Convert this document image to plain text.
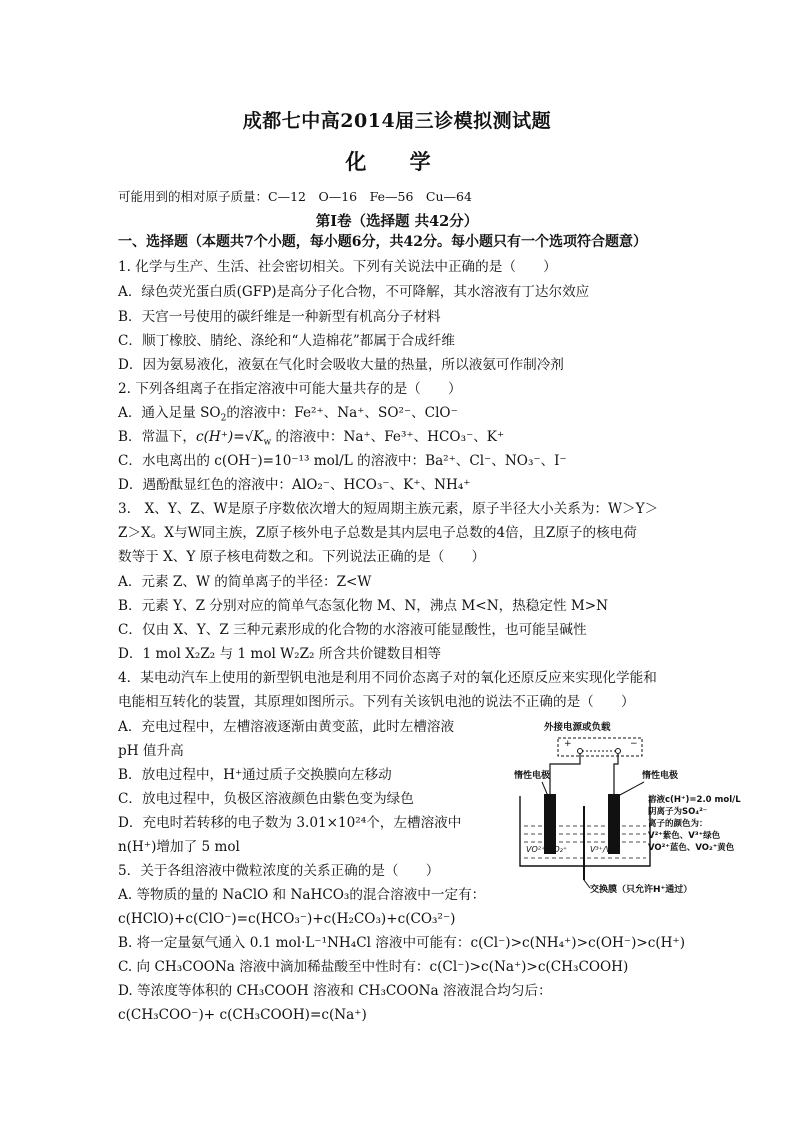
成都七中高2014届三诊模拟测试题
化 学
可能用到的相对原子质量：C—12　O—16　Fe—56　Cu—64
第Ⅰ卷（选择题 共42分）
一、选择题（本题共7个小题，每小题6分，共42分。每小题只有一个选项符合题意）
1. 化学与生产、生活、社会密切相关。下列有关说法中正确的是（　　）
A．绿色荧光蛋白质(GFP)是高分子化合物，不可降解，其水溶液有丁达尔效应
B．天宫一号使用的碳纤维是一种新型有机高分子材料
C．顺丁橡胶、腈纶、涤纶和“人造棉花”都属于合成纤维
D．因为氨易液化，液氨在气化时会吸收大量的热量，所以液氨可作制冷剂
2. 下列各组离子在指定溶液中可能大量共存的是（　　）
A．通入足量 $SO_2$的溶液中：Fe²⁺、Na⁺、SO²⁻、ClO⁻
B．常温下，$c(H^+)=√K_w$ 的溶液中：Na⁺、Fe³⁺、HCO₃⁻、K⁺
C．水电离出的 c(OH⁻)=10⁻¹³ mol/L 的溶液中：Ba²⁺、Cl⁻、NO₃⁻、I⁻
D．遇酚酞显红色的溶液中：AlO₂⁻、HCO₃⁻、K⁺、NH₄⁺
3.　X、Y、Z、W是原子序数依次增大的短周期主族元素，原子半径大小关系为：W＞Y＞
Z＞X。X与W同主族，Z原子核外电子总数是其内层电子总数的4倍，且Z原子的核电荷
数等于 X、Y 原子核电荷数之和。下列说法正确的是（　　）
A．元素 Z、W 的简单离子的半径：Z<W
B．元素 Y、Z 分别对应的简单气态氢化物 M、N，沸点 M<N，热稳定性 M>N
C．仅由 X、Y、Z 三种元素形成的化合物的水溶液可能显酸性，也可能呈碱性
D．1 mol X₂Z₂ 与 1 mol W₂Z₂ 所含共价键数目相等
4．某电动汽车上使用的新型钒电池是利用不同价态离子对的氧化还原反应来实现化学能和
电能相互转化的装置，其原理如图所示。下列有关该钒电池的说法不正确的是（　　）
A．充电过程中，左槽溶液逐渐由黄变蓝，此时左槽溶液
pH 值升高
B．放电过程中，H⁺通过质子交换膜向左移动
C．放电过程中，负极区溶液颜色由紫色变为绿色
D．充电时若转移的电子数为 3.01×10²⁴个，左槽溶液中
n(H⁺)增加了 5 mol
5．关于各组溶液中微粒浓度的关系正确的是（　　）
A. 等物质的量的 NaClO 和 NaHCO₃的混合溶液中一定有：
c(HClO)+c(ClO⁻)=c(HCO₃⁻)+c(H₂CO₃)+c(CO₃²⁻)
B. 将一定量氨气通入 0.1 mol·L⁻¹NH₄Cl 溶液中可能有：c(Cl⁻)>c(NH₄⁺)>c(OH⁻)>c(H⁺)
C. 向 CH₃COONa 溶液中滴加稀盐酸至中性时有：c(Cl⁻)>c(Na⁺)>c(CH₃COOH)
D. 等浓度等体积的 CH₃COOH 溶液和 CH₃COONa 溶液混合均匀后：
c(CH₃COO⁻)+ c(CH₃COOH)=c(Na⁺)
外接电源或负载
+	−
惰性电极	惰性电极
VO²⁺/VO₂⁺	V³⁺/V²⁺
溶液c(H⁺)=2.0 mol/L
阴离子为SO₄²⁻
离子的颜色为：
V²⁺紫色、V³⁺绿色
VO²⁺蓝色、VO₂⁺黄色
交换膜（只允许H⁺通过）
